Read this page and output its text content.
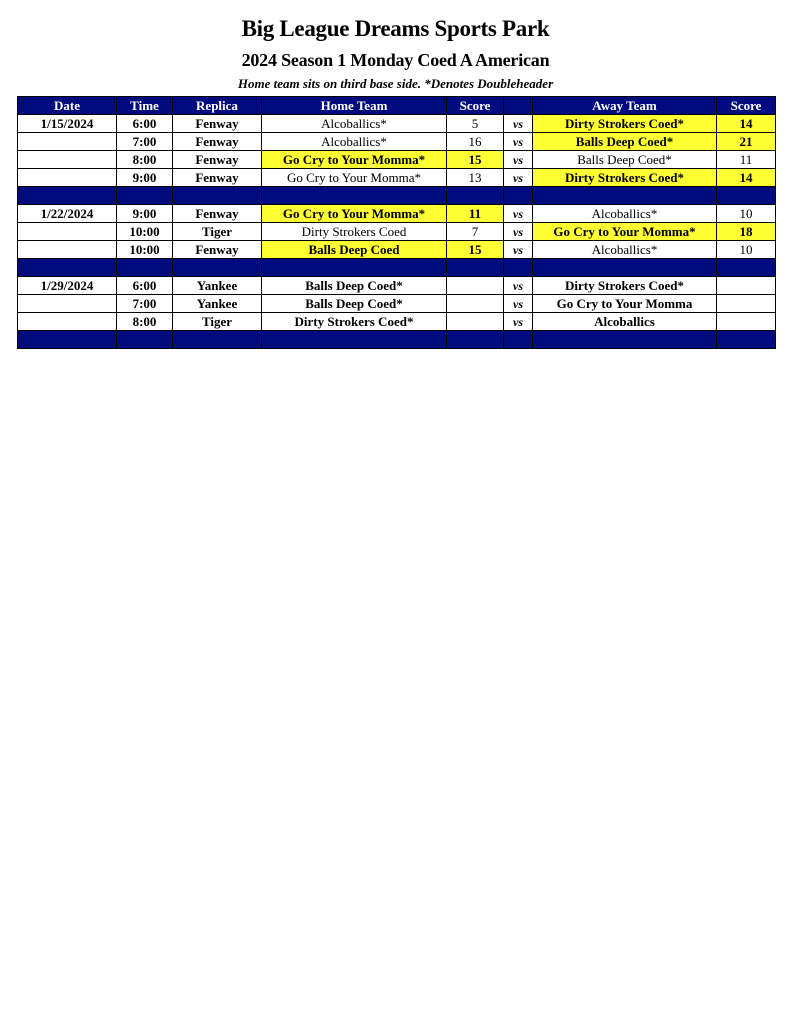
Big League Dreams Sports Park
2024 Season 1 Monday Coed A American
Home team sits on third base side. *Denotes Doubleheader
Date	Time	Replica	Home Team	Score		Away Team	Score
1/15/2024	6:00	Fenway	Alcoballics*	5	vs	Dirty Strokers Coed*	14
	7:00	Fenway	Alcoballics*	16	vs	Balls Deep Coed*	21
	8:00	Fenway	Go Cry to Your Momma*	15	vs	Balls Deep Coed*	11
	9:00	Fenway	Go Cry to Your Momma*	13	vs	Dirty Strokers Coed*	14

1/22/2024	9:00	Fenway	Go Cry to Your Momma*	11	vs	Alcoballics*	10
	10:00	Tiger	Dirty Strokers Coed	7	vs	Go Cry to Your Momma*	18
	10:00	Fenway	Balls Deep Coed	15	vs	Alcoballics*	10

1/29/2024	6:00	Yankee	Balls Deep Coed*		vs	Dirty Strokers Coed*	
	7:00	Yankee	Balls Deep Coed*		vs	Go Cry to Your Momma	
	8:00	Tiger	Dirty Strokers Coed*		vs	Alcoballics	
